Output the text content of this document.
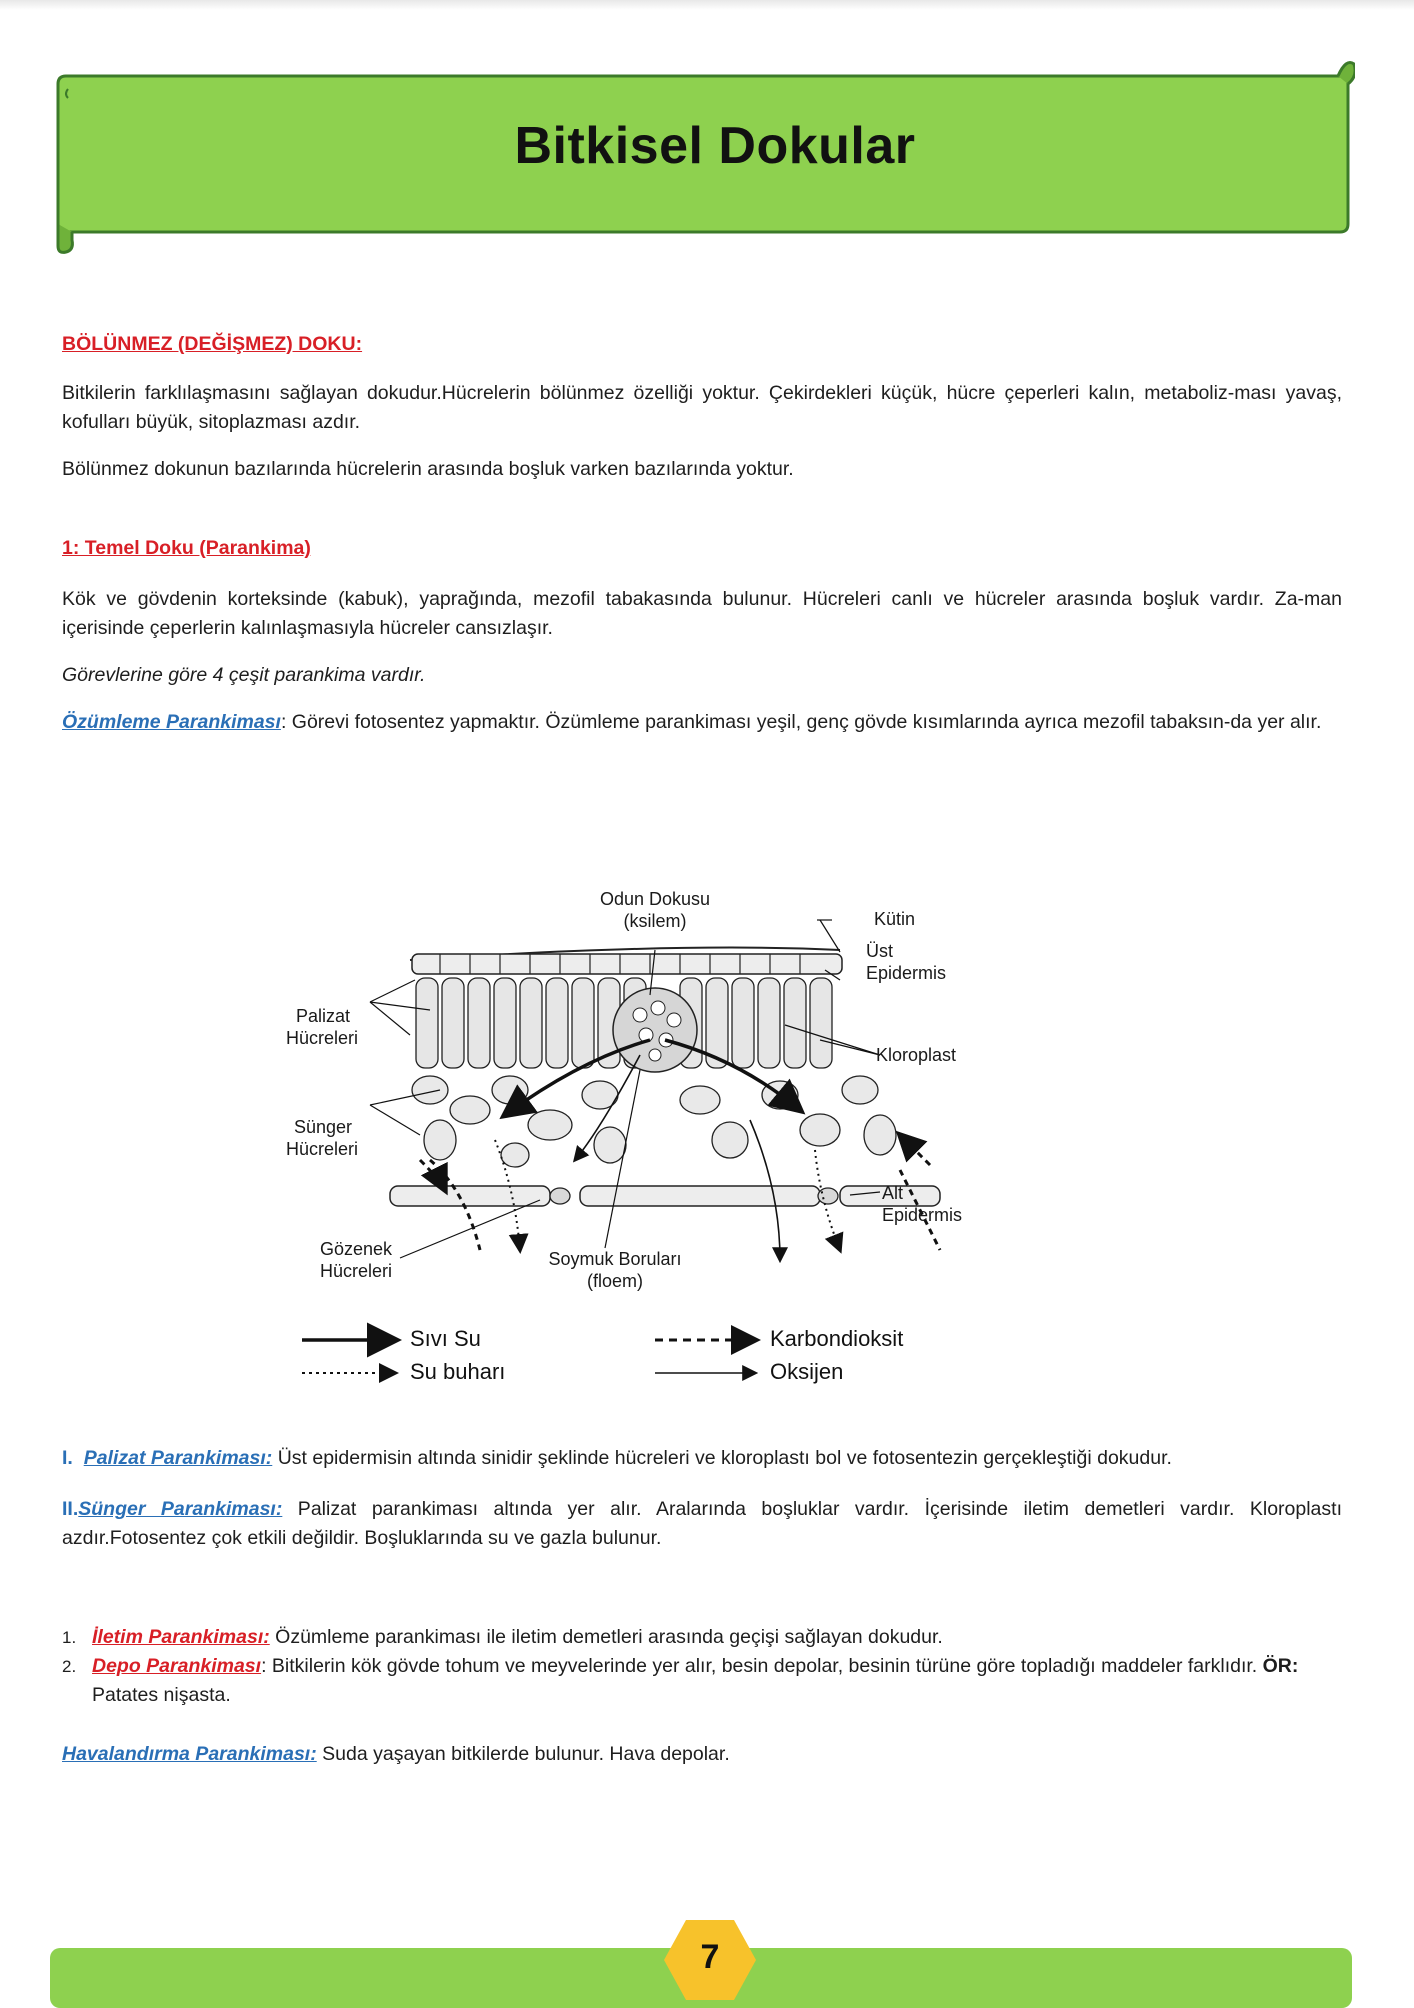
Bitkisel Dokular

BÖLÜNMEZ (DEĞİŞMEZ) DOKU:

Bitkilerin farklılaşmasını sağlayan dokudur.Hücrelerin bölünmez özelliği yoktur. Çekirdekleri küçük, hücre çeperleri kalın, metaboliz-ması yavaş, kofulları büyük, sitoplazması azdır.

Bölünmez dokunun bazılarında hücrelerin arasında boşluk varken bazılarında yoktur.

1: Temel Doku (Parankima)

Kök ve gövdenin korteksinde (kabuk), yaprağında, mezofil tabakasında bulunur. Hücreleri canlı ve hücreler arasında boşluk vardır. Za-man içerisinde çeperlerin kalınlaşmasıyla hücreler cansızlaşır.

Görevlerine göre 4 çeşit parankima vardır.

Özümleme Parankiması: Görevi fotosentez yapmaktır. Özümleme parankiması yeşil, genç gövde kısımlarında ayrıca mezofil tabaksın-da yer alır.

Odun Dokusu
(ksilem)	Kütin
Üst
Epidermis
Palizat
Hücreleri
Kloroplast
Sünger
Hücreleri
Alt
Epidermis
Gözenek
Hücreleri
Soymuk Boruları
(floem)
Sıvı Su	Karbondioksit
Su buharı	Oksijen

I. Palizat Parankiması: Üst epidermisin altında sinidir şeklinde hücreleri ve kloroplastı bol ve fotosentezin gerçekleştiği dokudur.

II.Sünger Parankiması: Palizat parankiması altında yer alır. Aralarında boşluklar vardır. İçerisinde iletim demetleri vardır. Kloroplastı azdır.Fotosentez çok etkili değildir. Boşluklarında su ve gazla bulunur.

1. İletim Parankiması: Özümleme parankiması ile iletim demetleri arasında geçişi sağlayan dokudur.
2. Depo Parankiması: Bitkilerin kök gövde tohum ve meyvelerinde yer alır, besin depolar, besinin türüne göre topladığı maddeler farklıdır. ÖR: Patates nişasta.

Havalandırma Parankiması: Suda yaşayan bitkilerde bulunur. Hava depolar.

7
